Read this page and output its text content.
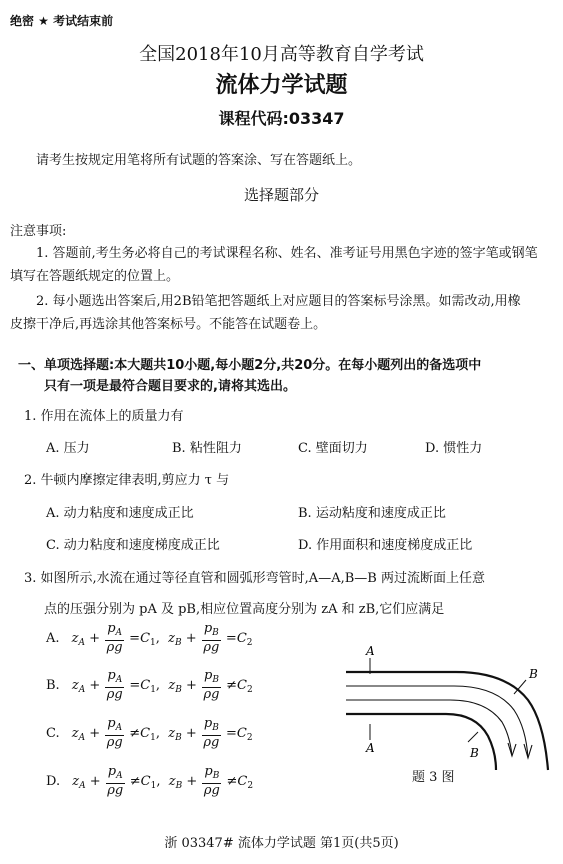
绝密 ★ 考试结束前
全国2018年10月高等教育自学考试
流体力学试题
课程代码:03347
请考生按规定用笔将所有试题的答案涂、写在答题纸上。
选择题部分
注意事项:
1. 答题前,考生务必将自己的考试课程名称、姓名、准考证号用黑色字迹的签字笔或钢笔
填写在答题纸规定的位置上。
2. 每小题选出答案后,用2B铅笔把答题纸上对应题目的答案标号涂黑。如需改动,用橡
皮擦干净后,再选涂其他答案标号。不能答在试题卷上。
一、单项选择题:本大题共10小题,每小题2分,共20分。在每小题列出的备选项中
只有一项是最符合题目要求的,请将其选出。
1. 作用在流体上的质量力有
A. 压力	B. 粘性阻力	C. 壁面切力	D. 惯性力
2. 牛顿内摩擦定律表明,剪应力 τ 与
A. 动力粘度和速度成正比	B. 运动粘度和速度成正比
C. 动力粘度和速度梯度成正比	D. 作用面积和速度梯度成正比
3. 如图所示,水流在通过等径直管和圆弧形弯管时,A—A,B—B 两过流断面上任意
点的压强分别为 pA 及 pB,相应位置高度分别为 zA 和 zB,它们应满足
A. $z_A + \frac{p_A}{\rho g} =C_1$,  $z_B + \frac{p_B}{\rho g} =C_2$
B. $z_A + \frac{p_A}{\rho g} =C_1$,  $z_B + \frac{p_B}{\rho g} \ne C_2$
C. $z_A + \frac{p_A}{\rho g} \ne C_1$,  $z_B + \frac{p_B}{\rho g} =C_2$
D. $z_A + \frac{p_A}{\rho g} \ne C_1$,  $z_B + \frac{p_B}{\rho g} \ne C_2$
A
A
B
B
题 3 图
浙 03347# 流体力学试题 第1页(共5页)
